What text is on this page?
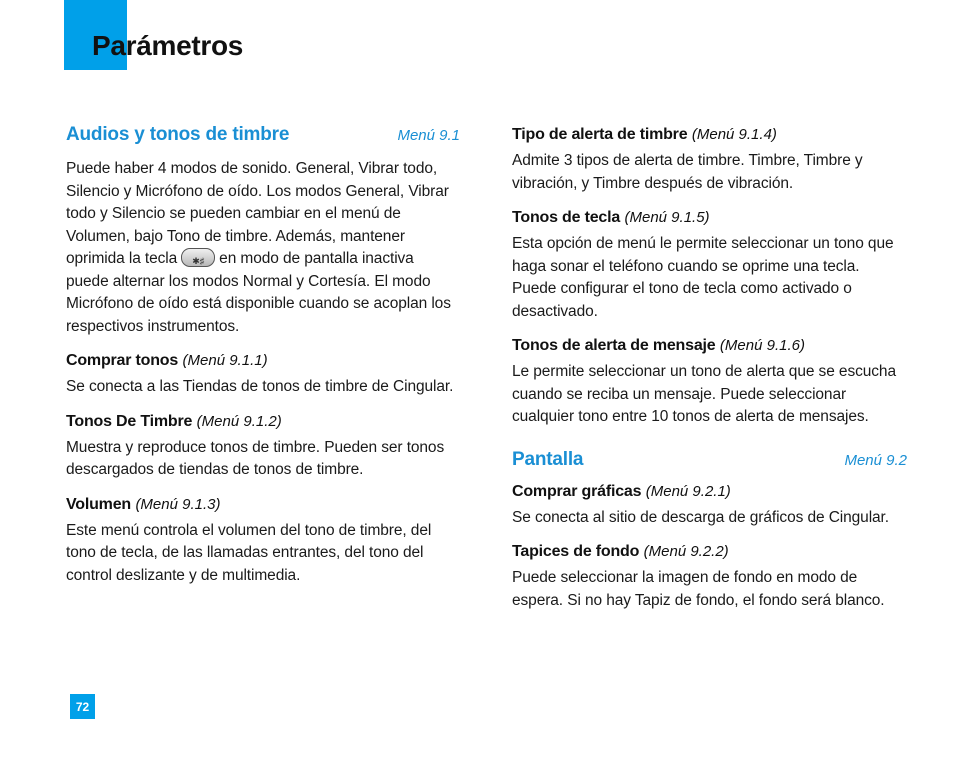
Parámetros
Audios y tonos de timbre	Menú 9.1

Puede haber 4 modos de sonido. General, Vibrar todo, Silencio y Micrófono de oído. Los modos General, Vibrar todo y Silencio se pueden cambiar en el menú de Volumen, bajo Tono de timbre. Además, mantener oprimida la tecla✱♯	en modo de pantalla inactiva puede alternar los modos Normal y Cortesía. El modo Micrófono de oído está disponible cuando se acoplan los respectivos instrumentos.

Comprar tonos (Menú 9.1.1)

Se conecta a las Tiendas de tonos de timbre de Cingular.

Tonos De Timbre (Menú 9.1.2)

Muestra y reproduce tonos de timbre. Pueden ser tonos descargados de tiendas de tonos de timbre.

Volumen (Menú 9.1.3)

Este menú controla el volumen del tono de timbre, del tono de tecla, de las llamadas entrantes, del tono del control deslizante y de multimedia.

Tipo de alerta de timbre (Menú 9.1.4)

Admite 3 tipos de alerta de timbre. Timbre, Timbre y vibración, y Timbre después de vibración.

Tonos de tecla (Menú 9.1.5)

Esta opción de menú le permite seleccionar un tono que haga sonar el teléfono cuando se oprime una tecla. Puede configurar el tono de tecla como activado o desactivado.

Tonos de alerta de mensaje (Menú 9.1.6)

Le permite seleccionar un tono de alerta que se escucha cuando se reciba un mensaje. Puede seleccionar cualquier tono entre 10 tonos de alerta de mensajes.

Pantalla	Menú 9.2
Comprar gráficas (Menú 9.2.1)

Se conecta al sitio de descarga de gráficos de Cingular.

Tapices de fondo (Menú 9.2.2)

Puede seleccionar la imagen de fondo en modo de espera. Si no hay Tapiz de fondo, el fondo será blanco.

72
